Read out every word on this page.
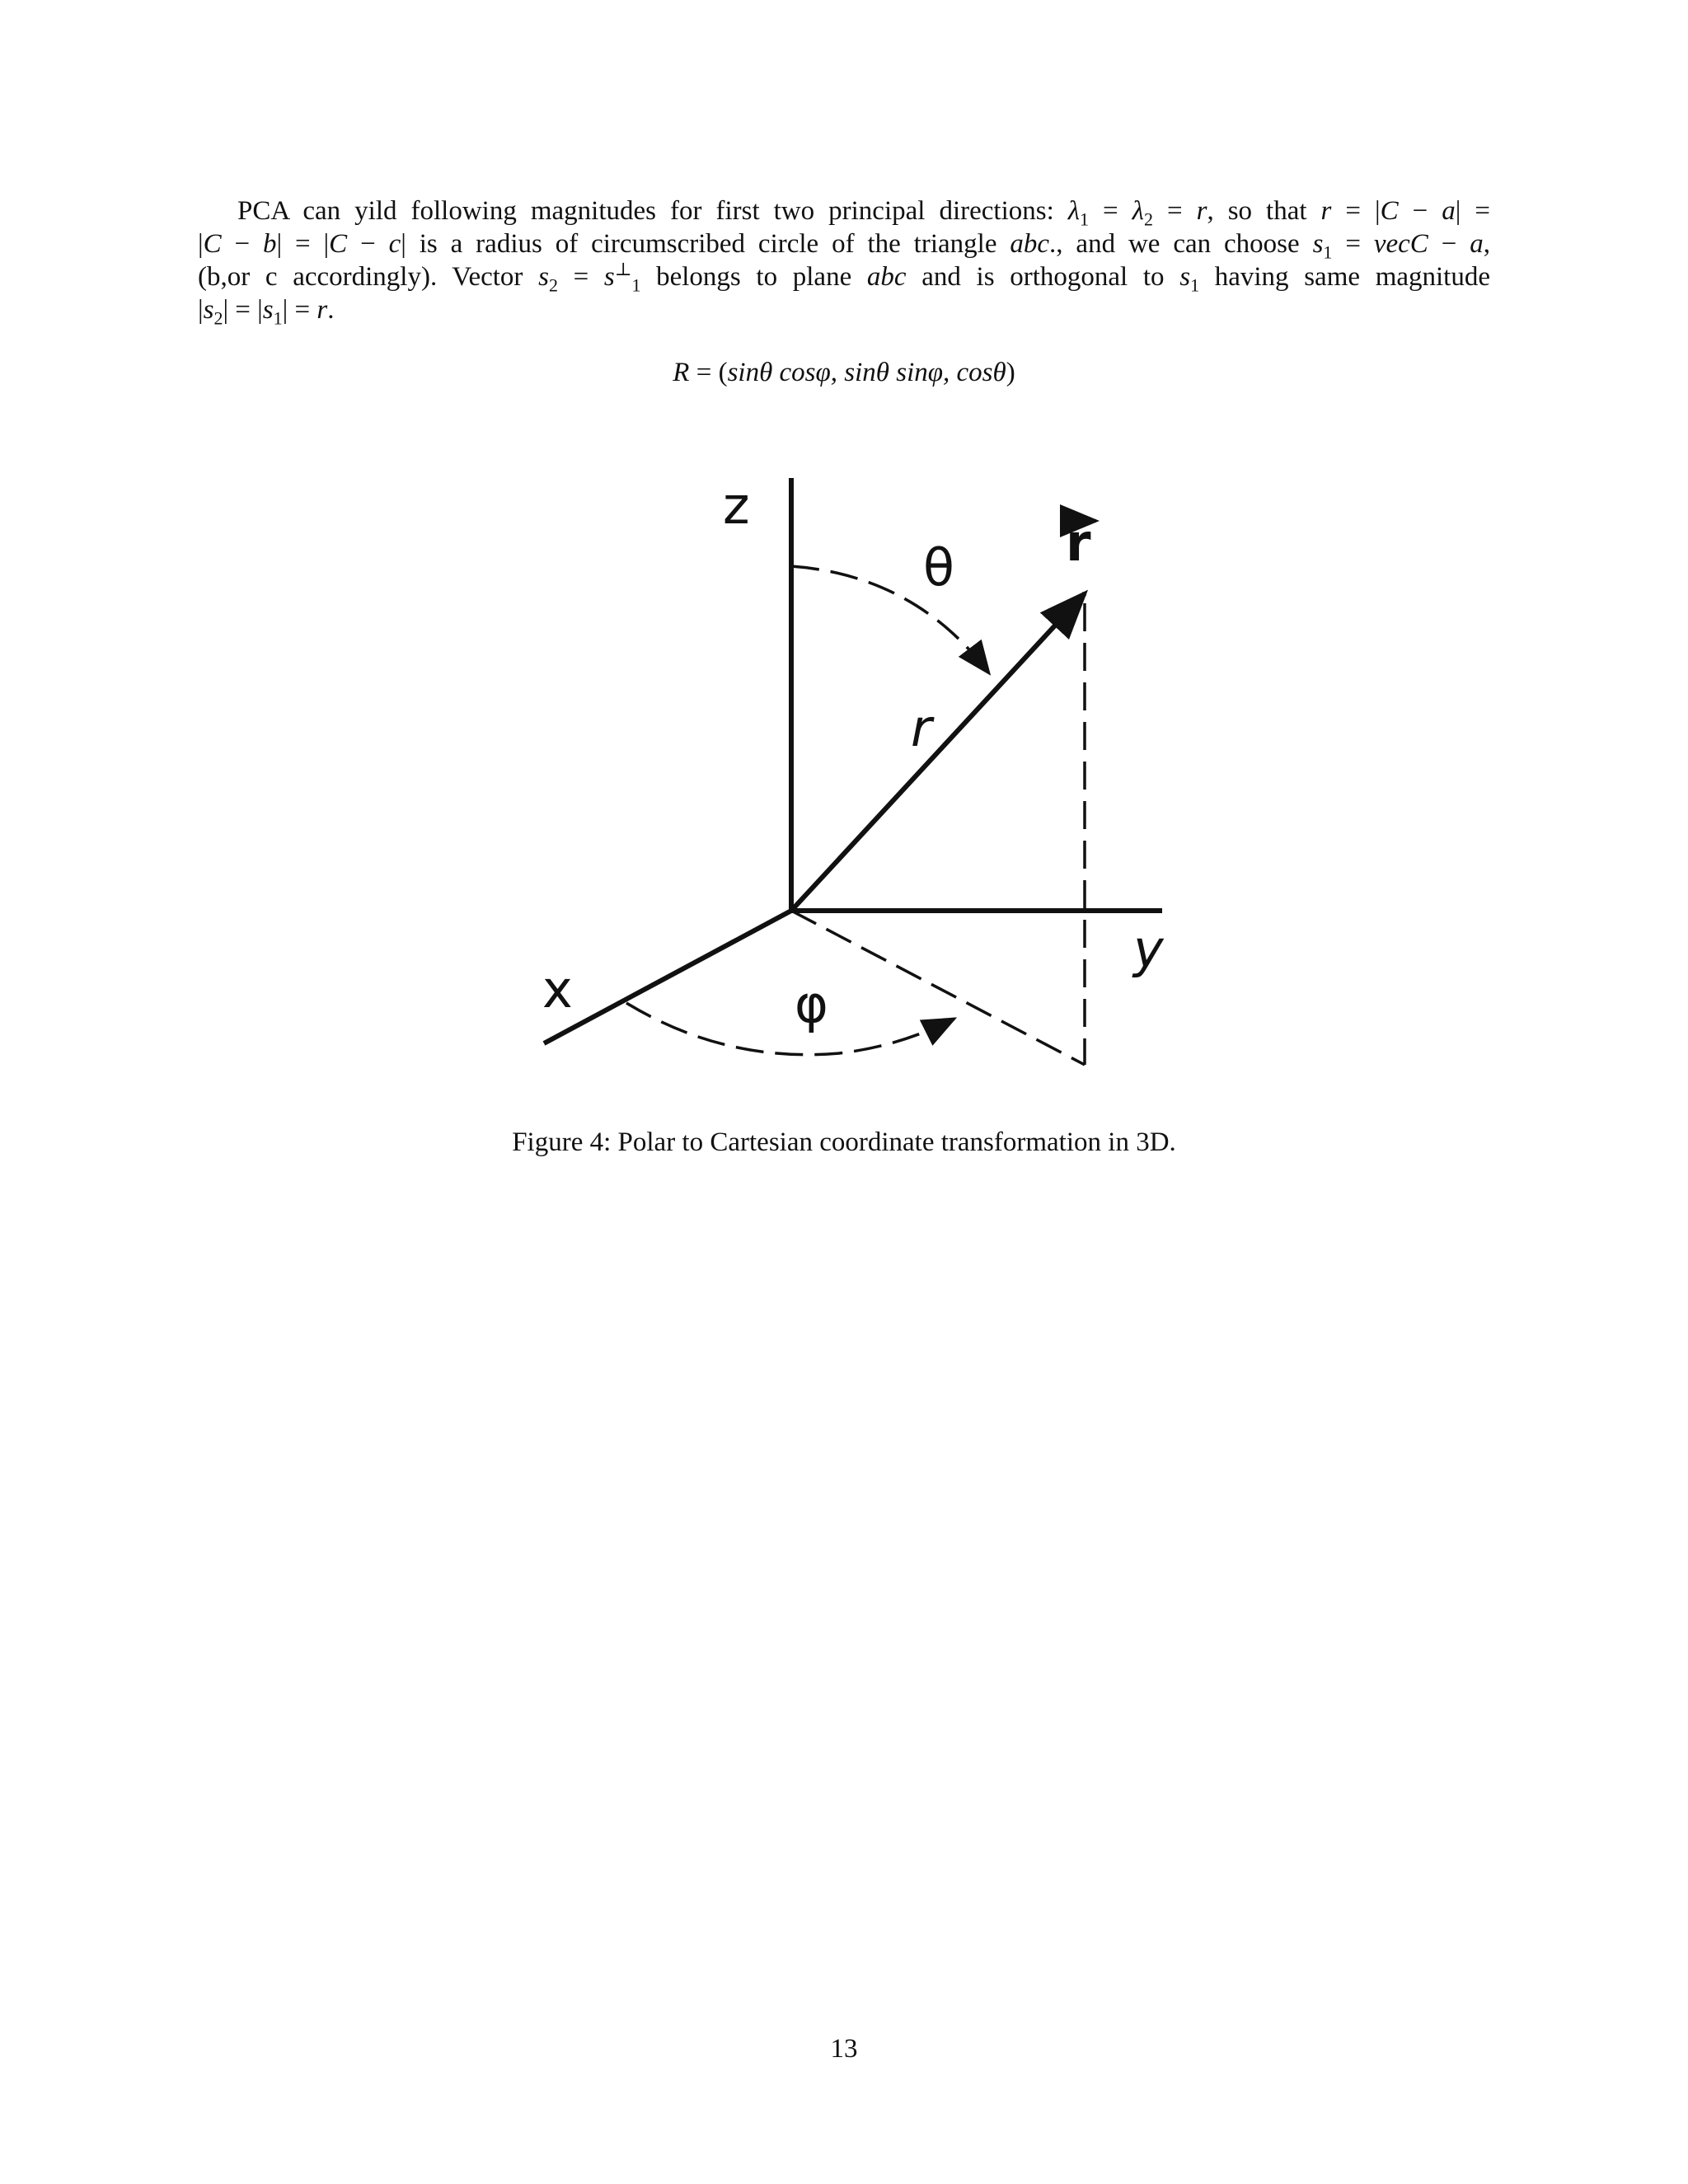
PCA can yild following magnitudes for first two principal directions: $\lambda_1 = \lambda_2 = r$, so that r = |C − a| =
|C − b| = |C − c| is a radius of circumscribed circle of the triangle abc., and we can choose $s_1$ = vecC − a,
(b,or c accordingly). Vector $s_2 = s^\perp_1$ belongs to plane abc and is orthogonal to $s_1$ having same magnitude
$|s_2| = |s_1| = r$.
R = (sinθ cosφ, sinθ sinφ, cosθ)
z
y
x
θ
φ
r
r
Figure 4: Polar to Cartesian coordinate transformation in 3D.
13
